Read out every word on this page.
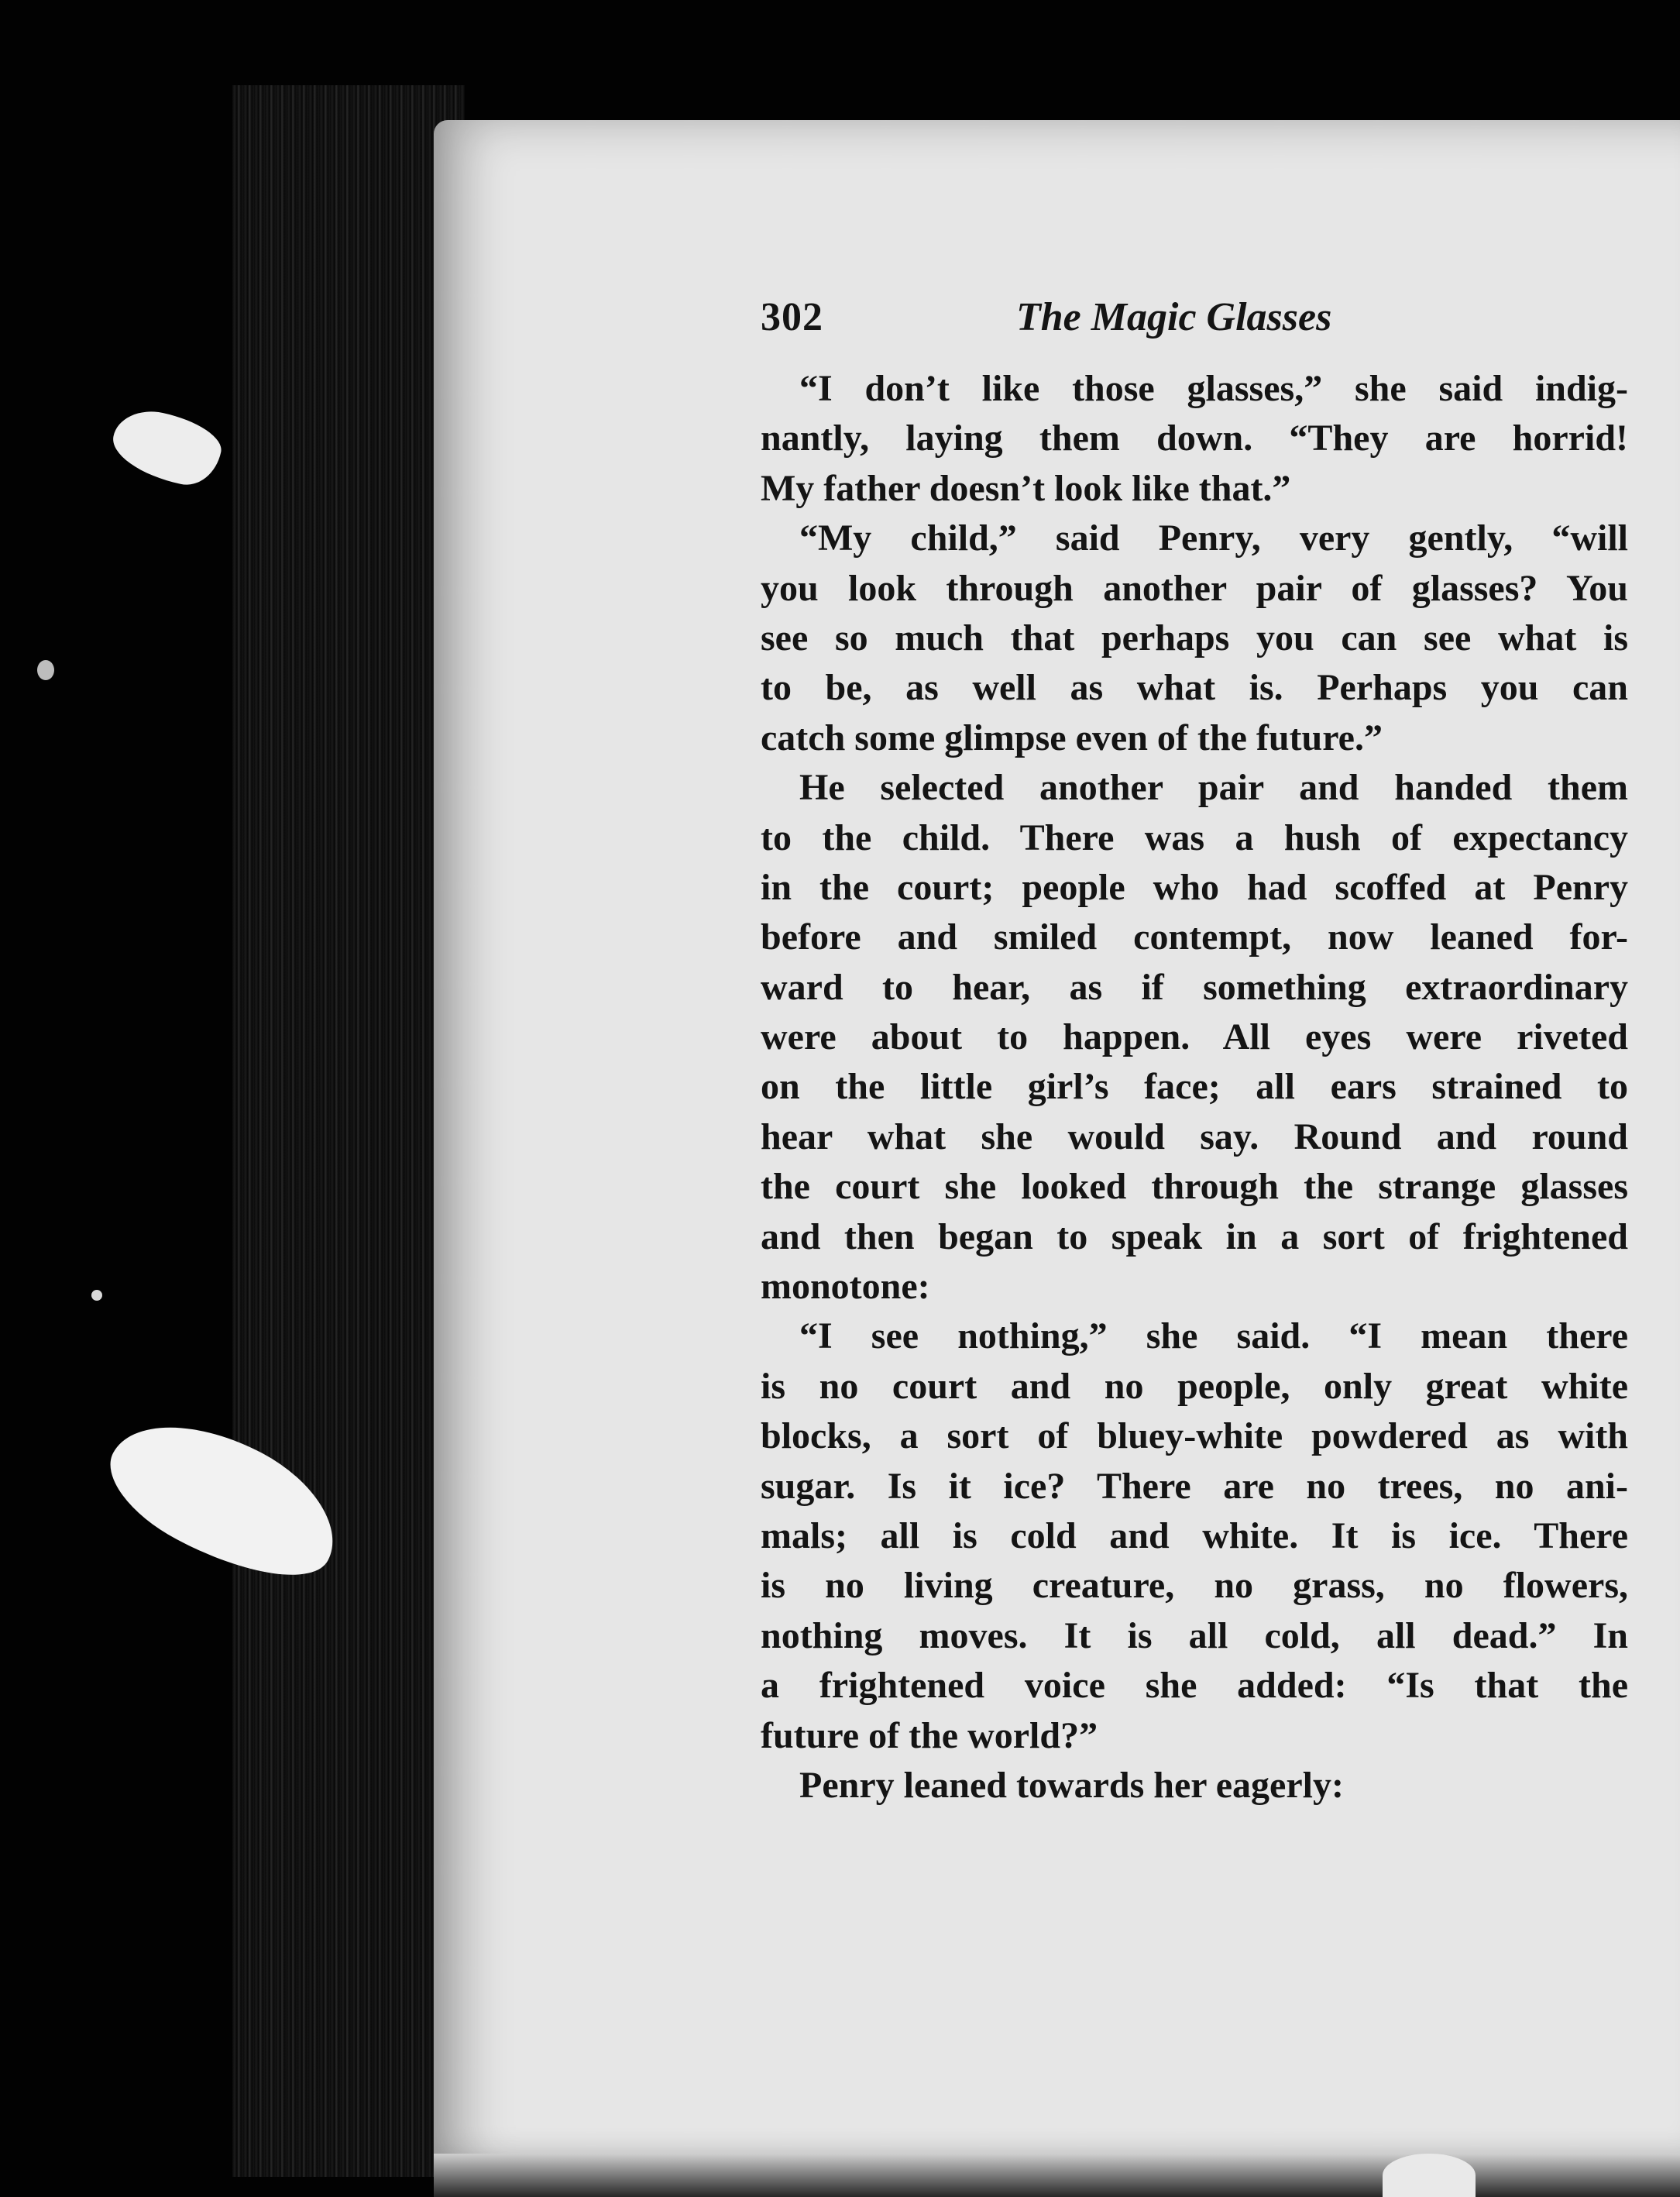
302	The Magic Glasses
“I don’t like those glasses,” she said indig-
nantly, laying them down. “They are horrid!
My father doesn’t look like that.”
“My child,” said Penry, very gently, “will
you look through another pair of glasses? You
see so much that perhaps you can see what is
to be, as well as what is. Perhaps you can
catch some glimpse even of the future.”
He selected another pair and handed them
to the child. There was a hush of expectancy
in the court; people who had scoffed at Penry
before and smiled contempt, now leaned for-
ward to hear, as if something extraordinary
were about to happen. All eyes were riveted
on the little girl’s face; all ears strained to
hear what she would say. Round and round
the court she looked through the strange glasses
and then began to speak in a sort of frightened
monotone:
“I see nothing,” she said. “I mean there
is no court and no people, only great white
blocks, a sort of bluey-white powdered as with
sugar. Is it ice? There are no trees, no ani-
mals; all is cold and white. It is ice. There
is no living creature, no grass, no flowers,
nothing moves. It is all cold, all dead.” In
a frightened voice she added: “Is that the
future of the world?”
Penry leaned towards her eagerly:
